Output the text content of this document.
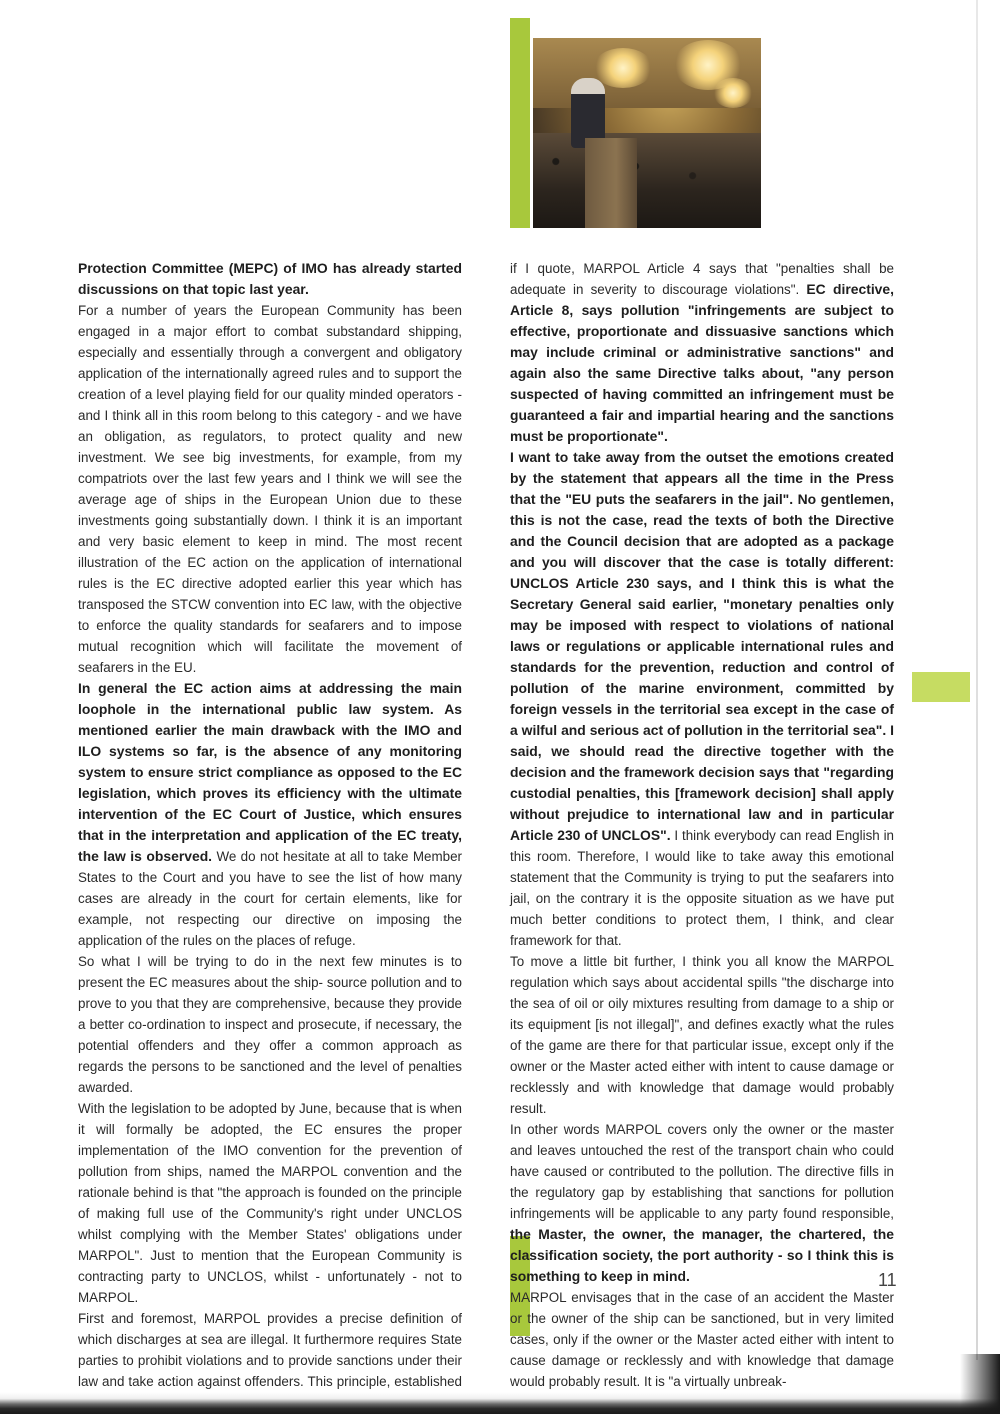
Protection Committee (MEPC) of IMO has already started discussions on that topic last year.

For a number of years the European Community has been engaged in a major effort to combat substandard shipping, especially and essentially through a convergent and obligatory application of the internationally agreed rules and to support the creation of a level playing field for our quality minded operators - and I think all in this room belong to this category - and we have an obligation, as regulators, to protect quality and new investment. We see big investments, for example, from my compatriots over the last few years and I think we will see the average age of ships in the European Union due to these investments going substantially down. I think it is an important and very basic element to keep in mind. The most recent illustration of the EC action on the application of international rules is the EC directive adopted earlier this year which has transposed the STCW convention into EC law, with the objective to enforce the quality standards for seafarers and to impose mutual recognition which will facilitate the movement of seafarers in the EU.

In general the EC action aims at addressing the main loophole in the international public law system. As mentioned earlier the main drawback with the IMO and ILO systems so far, is the absence of any monitoring system to ensure strict compliance as opposed to the EC legislation, which proves its efficiency with the ultimate intervention of the EC Court of Justice, which ensures that in the interpretation and application of the EC treaty, the law is observed. We do not hesitate at all to take Member States to the Court and you have to see the list of how many cases are already in the court for certain elements, like for example, not respecting our directive on imposing the application of the rules on the places of refuge.

So what I will be trying to do in the next few minutes is to present the EC measures about the ship- source pollution and to prove to you that they are comprehensive, because they provide a better co-ordination to inspect and prosecute, if necessary, the potential offenders and they offer a common approach as regards the persons to be sanctioned and the level of penalties awarded.

With the legislation to be adopted by June, because that is when it will formally be adopted, the EC ensures the proper implementation of the IMO convention for the prevention of pollution from ships, named the MARPOL convention and the rationale behind is that "the approach is founded on the principle of making full use of the Community's right under UNCLOS whilst complying with the Member States' obligations under MARPOL". Just to mention that the European Community is contracting party to UNCLOS, whilst - unfortunately - not to MARPOL.

First and foremost, MARPOL provides a precise definition of which discharges at sea are illegal. It furthermore requires State parties to prohibit violations and to provide sanctions under their law and take action against offenders. This principle, established

if I quote, MARPOL Article 4 says that "penalties shall be adequate in severity to discourage violations". EC directive, Article 8, says pollution "infringements are subject to effective, proportionate and dissuasive sanctions which may include criminal or administrative sanctions" and again also the same Directive talks about, "any person suspected of having committed an infringement must be guaranteed a fair and impartial hearing and the sanctions must be proportionate".

I want to take away from the outset the emotions created by the statement that appears all the time in the Press that the "EU puts the seafarers in the jail". No gentlemen, this is not the case, read the texts of both the Directive and the Council decision that are adopted as a package and you will discover that the case is totally different: UNCLOS Article 230 says, and I think this is what the Secretary General said earlier, "monetary penalties only may be imposed with respect to violations of national laws or regulations or applicable international rules and standards for the prevention, reduction and control of pollution of the marine environment, committed by foreign vessels in the territorial sea except in the case of a wilful and serious act of pollution in the territorial sea". I said, we should read the directive together with the decision and the framework decision says that "regarding custodial penalties, this [framework decision] shall apply without prejudice to international law and in particular Article 230 of UNCLOS". I think everybody can read English in this room. Therefore, I would like to take away this emotional statement that the Community is trying to put the seafarers into jail, on the contrary it is the opposite situation as we have put much better conditions to protect them, I think, and clear framework for that.

To move a little bit further, I think you all know the MARPOL regulation which says about accidental spills "the discharge into the sea of oil or oily mixtures resulting from damage to a ship or its equipment [is not illegal]", and defines exactly what the rules of the game are there for that particular issue, except only if the owner or the Master acted either with intent to cause damage or recklessly and with knowledge that damage would probably result.

In other words MARPOL covers only the owner or the master and leaves untouched the rest of the transport chain who could have caused or contributed to the pollution. The directive fills in the regulatory gap by establishing that sanctions for pollution infringements will be applicable to any party found responsible, the Master, the owner, the manager, the chartered, the classification society, the port authority - so I think this is something to keep in mind.

MARPOL envisages that in the case of an accident the Master or the owner of the ship can be sanctioned, but in very limited cases, only if the owner or the Master acted either with intent to cause damage or recklessly and with knowledge that damage would probably result. It is "a virtually unbreak-

11
